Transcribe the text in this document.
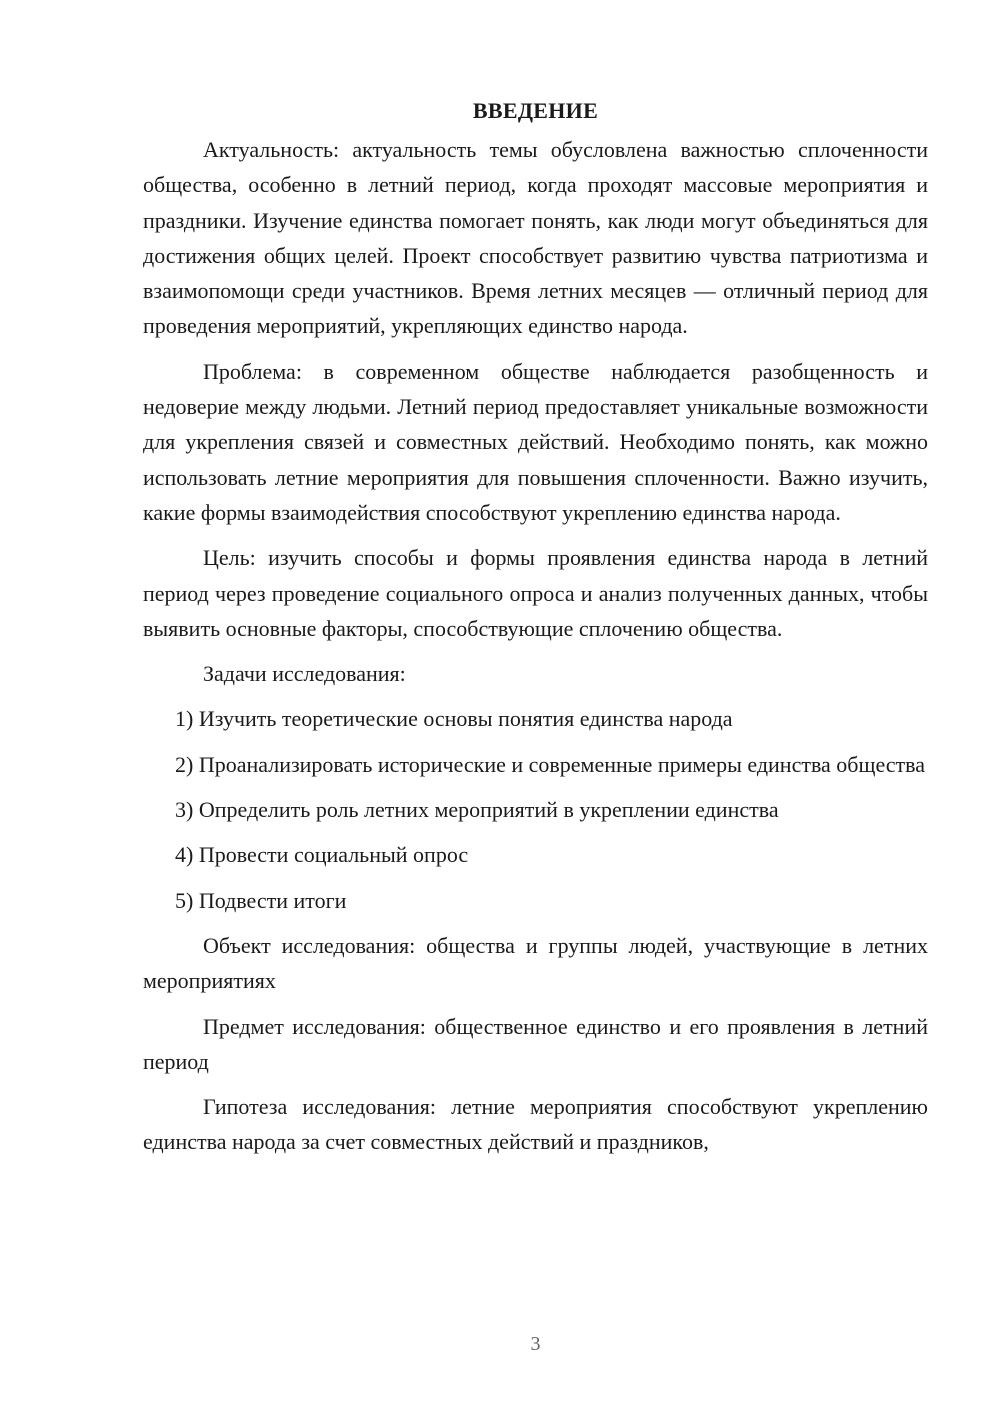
ВВЕДЕНИЕ

Актуальность: актуальность темы обусловлена важностью сплоченности общества, особенно в летний период, когда проходят массовые мероприятия и праздники. Изучение единства помогает понять, как люди могут объединяться для достижения общих целей. Проект способствует развитию чувства патриотизма и взаимопомощи среди участников. Время летних месяцев — отличный период для проведения мероприятий, укрепляющих единство народа.

Проблема: в современном обществе наблюдается разобщенность и недоверие между людьми. Летний период предоставляет уникальные возможности для укрепления связей и совместных действий. Необходимо понять, как можно использовать летние мероприятия для повышения сплоченности. Важно изучить, какие формы взаимодействия способствуют укреплению единства народа.

Цель: изучить способы и формы проявления единства народа в летний период через проведение социального опроса и анализ полученных данных, чтобы выявить основные факторы, способствующие сплочению общества.

Задачи исследования:

1) Изучить теоретические основы понятия единства народа

2) Проанализировать исторические и современные примеры единства общества

3) Определить роль летних мероприятий в укреплении единства

4) Провести социальный опрос

5) Подвести итоги

Объект исследования: общества и группы людей, участвующие в летних мероприятиях

Предмет исследования: общественное единство и его проявления в летний период

Гипотеза исследования: летние мероприятия способствуют укреплению единства народа за счет совместных действий и праздников,

3
